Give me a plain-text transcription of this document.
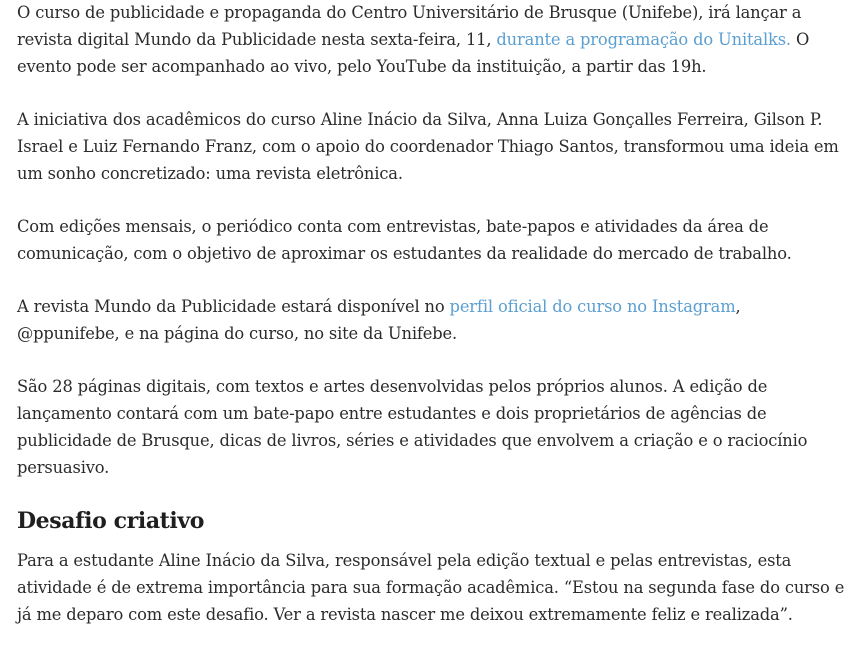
O curso de publicidade e propaganda do Centro Universitário de Brusque (Unifebe), irá lançar a revista digital Mundo da Publicidade nesta sexta-feira, 11, durante a programação do Unitalks. O evento pode ser acompanhado ao vivo, pelo YouTube da instituição, a partir das 19h.

A iniciativa dos acadêmicos do curso Aline Inácio da Silva, Anna Luiza Gonçalles Ferreira, Gilson P. Israel e Luiz Fernando Franz, com o apoio do coordenador Thiago Santos, transformou uma ideia em um sonho concretizado: uma revista eletrônica.

Com edições mensais, o periódico conta com entrevistas, bate-papos e atividades da área de comunicação, com o objetivo de aproximar os estudantes da realidade do mercado de trabalho.

A revista Mundo da Publicidade estará disponível no perfil oficial do curso no Instagram, @ppunifebe, e na página do curso, no site da Unifebe.

São 28 páginas digitais, com textos e artes desenvolvidas pelos próprios alunos. A edição de lançamento contará com um bate-papo entre estudantes e dois proprietários de agências de publicidade de Brusque, dicas de livros, séries e atividades que envolvem a criação e o raciocínio persuasivo.

Desafio criativo

Para a estudante Aline Inácio da Silva, responsável pela edição textual e pelas entrevistas, esta atividade é de extrema importância para sua formação acadêmica. “Estou na segunda fase do curso e já me deparo com este desafio. Ver a revista nascer me deixou extremamente feliz e realizada”.
